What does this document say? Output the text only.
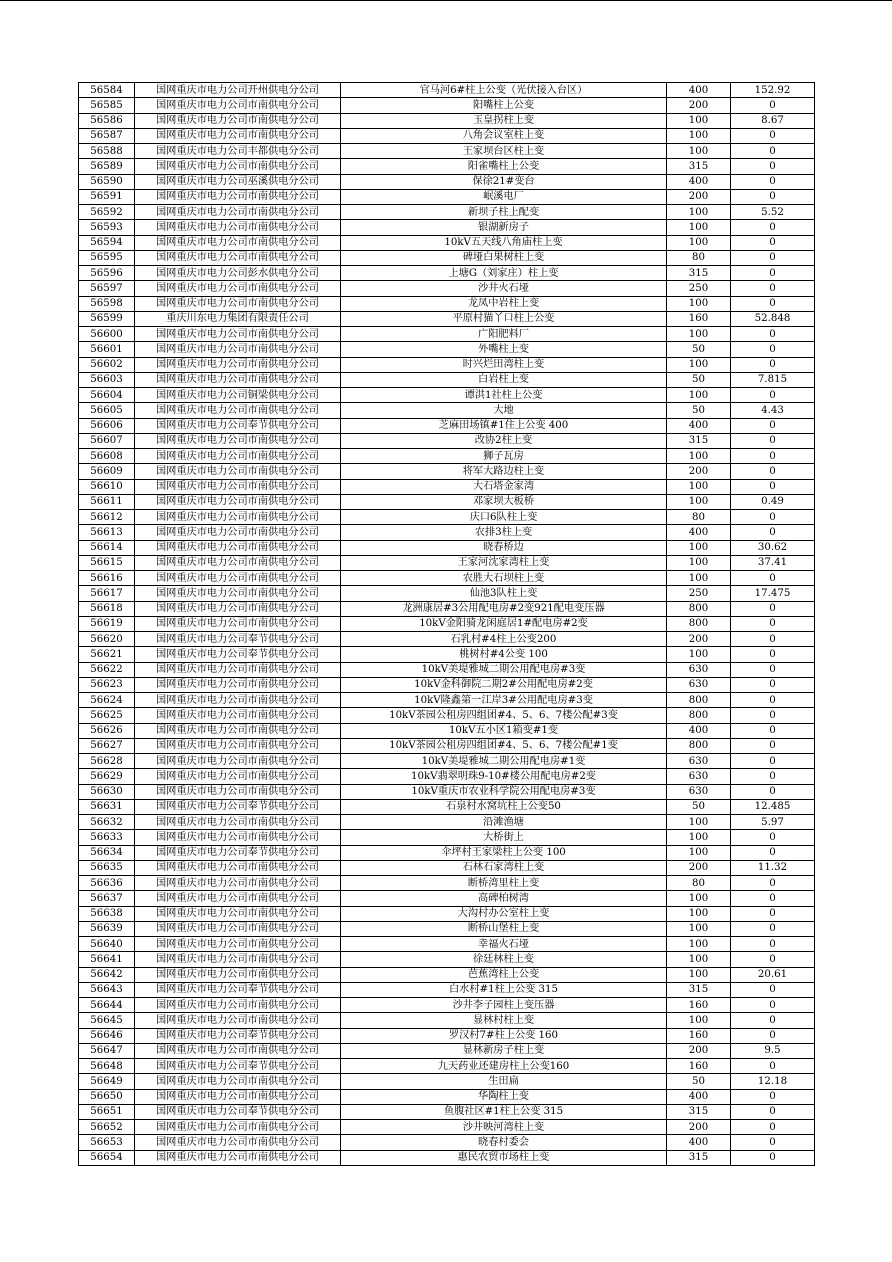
56584	国网重庆市电力公司开州供电分公司	官马河6#柱上公变（光伏接入台区）	400	152.92
56585	国网重庆市电力公司市南供电分公司	阳嘴柱上公变	200	0
56586	国网重庆市电力公司市南供电分公司	玉皇拐柱上变	100	8.67
56587	国网重庆市电力公司市南供电分公司	八角会议室柱上变	100	0
56588	国网重庆市电力公司丰都供电分公司	王家坝台区柱上变	100	0
56589	国网重庆市电力公司市南供电分公司	阳雀嘴柱上公变	315	0
56590	国网重庆市电力公司巫溪供电分公司	保徐21#变台	400	0
56591	国网重庆市电力公司市南供电分公司	岷溪电厂	200	0
56592	国网重庆市电力公司市南供电分公司	新坝子柱上配变	100	5.52
56593	国网重庆市电力公司市南供电分公司	银湖新房子	100	0
56594	国网重庆市电力公司市南供电分公司	10kV五天线八角庙柱上变	100	0
56595	国网重庆市电力公司市南供电分公司	碑垭白果树柱上变	80	0
56596	国网重庆市电力公司彭水供电分公司	上塘G（刘家庄）柱上变	315	0
56597	国网重庆市电力公司市南供电分公司	沙井火石垭	250	0
56598	国网重庆市电力公司市南供电分公司	龙凤中岩柱上变	100	0
56599	重庆川东电力集团有限责任公司	平原村猫丫口柱上公变	160	52.848
56600	国网重庆市电力公司市南供电分公司	广阳肥料厂	100	0
56601	国网重庆市电力公司市南供电分公司	外嘴柱上变	50	0
56602	国网重庆市电力公司市南供电分公司	时兴烂田湾柱上变	100	0
56603	国网重庆市电力公司市南供电分公司	白岩柱上变	50	7.815
56604	国网重庆市电力公司铜梁供电分公司	谭洪1社柱上公变	100	0
56605	国网重庆市电力公司市南供电分公司	大地	50	4.43
56606	国网重庆市电力公司奉节供电分公司	芝麻田场镇#1住上公变 400	400	0
56607	国网重庆市电力公司市南供电分公司	改协2柱上变	315	0
56608	国网重庆市电力公司市南供电分公司	狮子瓦房	100	0
56609	国网重庆市电力公司市南供电分公司	将军大路边柱上变	200	0
56610	国网重庆市电力公司市南供电分公司	大石塔金家湾	100	0
56611	国网重庆市电力公司市南供电分公司	邓家坝大板桥	100	0.49
56612	国网重庆市电力公司市南供电分公司	庆口6队柱上变	80	0
56613	国网重庆市电力公司市南供电分公司	农排3柱上变	400	0
56614	国网重庆市电力公司市南供电分公司	晓春桥边	100	30.62
56615	国网重庆市电力公司市南供电分公司	王家河沈家湾柱上变	100	37.41
56616	国网重庆市电力公司市南供电分公司	农胜大石坝柱上变	100	0
56617	国网重庆市电力公司市南供电分公司	仙池3队柱上变	250	17.475
56618	国网重庆市电力公司市南供电分公司	龙洲康居#3公用配电房#2变921配电变压器	800	0
56619	国网重庆市电力公司市南供电分公司	10kV金阳骑龙闲庭居1#配电房#2变	800	0
56620	国网重庆市电力公司奉节供电分公司	石乳村#4柱上公变200	200	0
56621	国网重庆市电力公司奉节供电分公司	桃树村#4公变 100	100	0
56622	国网重庆市电力公司市南供电分公司	10kV美堤雅城二期公用配电房#3变	630	0
56623	国网重庆市电力公司市南供电分公司	10kV金科御院二期2#公用配电房#2变	630	0
56624	国网重庆市电力公司市南供电分公司	10kV隆鑫第一江岸3#公用配电房#3变	800	0
56625	国网重庆市电力公司市南供电分公司	10kV茶园公租房四组团#4、5、6、7楼公配#3变	800	0
56626	国网重庆市电力公司市南供电分公司	10kV五小区1箱变#1变	400	0
56627	国网重庆市电力公司市南供电分公司	10kV茶园公租房四组团#4、5、6、7楼公配#1变	800	0
56628	国网重庆市电力公司市南供电分公司	10kV美堤雅城二期公用配电房#1变	630	0
56629	国网重庆市电力公司市南供电分公司	10kV翡翠明珠9-10#楼公用配电房#2变	630	0
56630	国网重庆市电力公司市南供电分公司	10kV重庆市农业科学院公用配电房#3变	630	0
56631	国网重庆市电力公司奉节供电分公司	石泉村水窝坑柱上公变50	50	12.485
56632	国网重庆市电力公司市南供电分公司	沿滩渔塘	100	5.97
56633	国网重庆市电力公司市南供电分公司	大桥街上	100	0
56634	国网重庆市电力公司奉节供电分公司	伞坪村王家梁柱上公变 100	100	0
56635	国网重庆市电力公司市南供电分公司	石林石家湾柱上变	200	11.32
56636	国网重庆市电力公司市南供电分公司	断桥湾里柱上变	80	0
56637	国网重庆市电力公司市南供电分公司	高碑柏树湾	100	0
56638	国网重庆市电力公司市南供电分公司	大沟村办公室柱上变	100	0
56639	国网重庆市电力公司市南供电分公司	断桥山堡柱上变	100	0
56640	国网重庆市电力公司市南供电分公司	幸福火石垭	100	0
56641	国网重庆市电力公司市南供电分公司	徐廷林柱上变	100	0
56642	国网重庆市电力公司市南供电分公司	芭蕉湾柱上公变	100	20.61
56643	国网重庆市电力公司奉节供电分公司	白水村#1柱上公变 315	315	0
56644	国网重庆市电力公司市南供电分公司	沙井李子园柱上变压器	160	0
56645	国网重庆市电力公司市南供电分公司	显林村柱上变	100	0
56646	国网重庆市电力公司奉节供电分公司	罗汉村7#柱上公变 160	160	0
56647	国网重庆市电力公司市南供电分公司	显林新房子柱上变	200	9.5
56648	国网重庆市电力公司奉节供电分公司	九天药业还建房柱上公变160	160	0
56649	国网重庆市电力公司市南供电分公司	生田扁	50	12.18
56650	国网重庆市电力公司市南供电分公司	华陶柱上变	400	0
56651	国网重庆市电力公司奉节供电分公司	鱼腹社区#1柱上公变 315	315	0
56652	国网重庆市电力公司市南供电分公司	沙井映河湾柱上变	200	0
56653	国网重庆市电力公司市南供电分公司	晓春村委会	400	0
56654	国网重庆市电力公司市南供电分公司	惠民农贸市场柱上变	315	0
